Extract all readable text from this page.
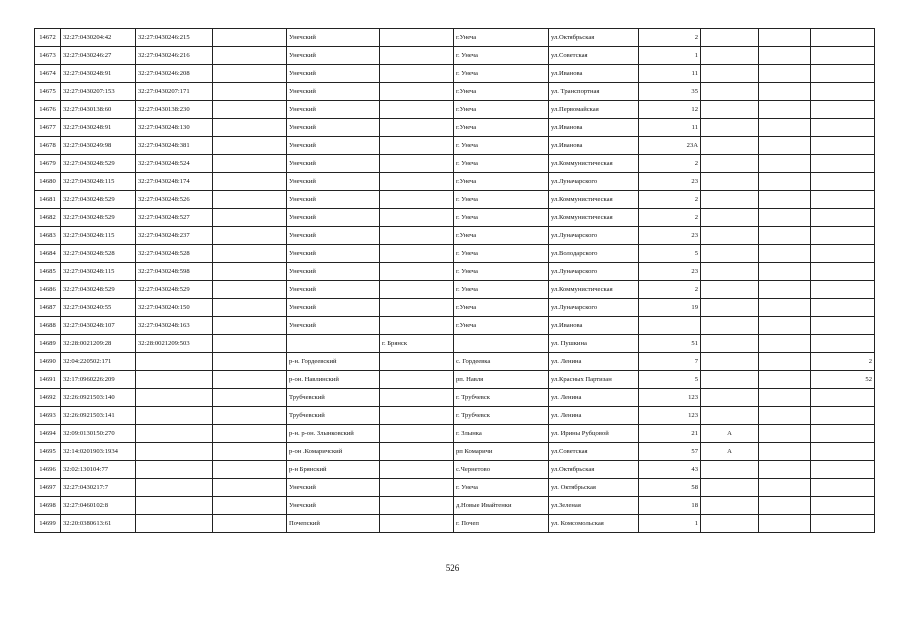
14672	32:27:0430204:42	32:27:0430246:215		Унечский		г.Унеча	ул.Октябрьская	2			
14673	32:27:0430246:27	32:27:0430246:216		Унечский		г. Унеча	ул.Советская	1			
14674	32:27:0430248:91	32:27:0430246:208		Унечский		г. Унеча	ул.Иванова	11			
14675	32:27:0430207:153	32:27:0430207:171		Унечский		г.Унеча	ул. Транспортная	35			
14676	32:27:0430138:60	32:27:0430138:230		Унечский		г.Унеча	ул.Первомайская	12			
14677	32:27:0430248:91	32:27:0430248:130		Унечский		г.Унеча	ул.Иванова	11			
14678	32:27:0430249:98	32:27:0430248:381		Унечский		г. Унеча	ул.Иванова	23А			
14679	32:27:0430248:529	32:27:0430248:524		Унечский		г. Унеча	ул.Коммунистическая	2			
14680	32:27:0430248:115	32:27:0430248:174		Унечский		г.Унеча	ул.Луначарского	23			
14681	32:27:0430248:529	32:27:0430248:526		Унечский		г. Унеча	ул.Коммунистическая	2			
14682	32:27:0430248:529	32:27:0430248:527		Унечский		г. Унеча	ул.Коммунистическая	2			
14683	32:27:0430248:115	32:27:0430248:237		Унечский		г.Унеча	ул.Луначарского	23			
14684	32:27:0430248:528	32:27:0430248:528		Унечский		г. Унеча	ул.Володарского	5			
14685	32:27:0430248:115	32:27:0430248:598		Унечский		г. Унеча	ул.Луначарского	23			
14686	32:27:0430248:529	32:27:0430248:529		Унечский		г. Унеча	ул.Коммунистическая	2			
14687	32:27:0430240:55	32:27:0430240:150		Унечский		г.Унеча	ул.Луначарского	19			
14688	32:27:0430248:107	32:27:0430248:163		Унечский		г.Унеча	ул.Иванова				
14689	32:28:0021209:28	32:28:0021209:503			г. Брянск		ул. Пушкина	51			
14690	32:04:220502:171			р-н. Гордеевский		с. Гордеевка	ул. Ленина	7			2
14691	32:17:0960226:209			р-он. Навлинский		рп. Навля	ул.Красных Партизан	5			52
14692	32:26:0921503:140			Трубчевский		г. Трубчевск	ул. Ленина	123			
14693	32:26:0921503:141			Трубчевский		г. Трубчевск	ул. Ленина	123			
14694	32:09:0130150:270			р-н. р-он. Злынковский		г. Злынка	ул. Ирины Рубцовой	21	А		
14695	32:14:0201903:1934			р-он .Комаричский		рп Комаричи	ул.Советская	57	А		
14696	32:02:130104:77			р-н Брянский		с.Чернетово	ул.Октябрьская	43			
14697	32:27:0430217:7			Унечский		г. Унеча	ул. Октябрьская	58			
14698	32:27:0460102:8			Унечский		д.Новые Ивайтенки	ул.Зеленая	18			
14699	32:20:0380613:61			Почепский		г. Почеп	ул. Комсомольская	1			
526
